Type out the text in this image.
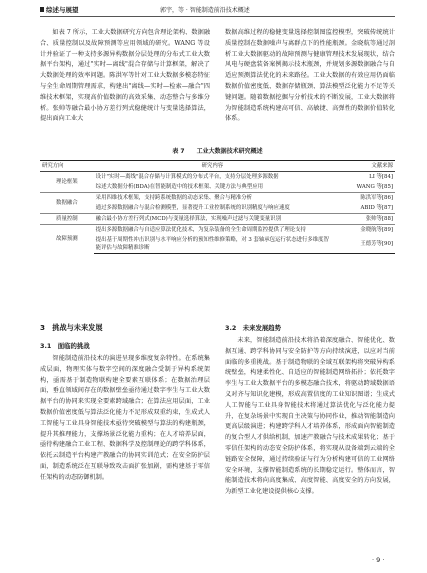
综述与展望	郭宇，等 · 智能制造前沿技术概述

如表 7 所示，工业大数据研究方向包含理论架构、数据融合、质量控制以及故障预测等应用领域的研究。WANG 等设计并验证了一种支持多源异构数据分层处理的分布式工业大数据平台架构，通过"实时—离线"混合存储与计算框架，解决了大数据处理的效率问题。陈洪军等针对工业大数据多模态特征与全生命周期管理需求，构建出"离线—实时—检索—融合"四维技术框架，实现高价值数据的高效采集、动态整合与多维分析。张帅等融合最小协方差行列式稳健统计与变量选择算法，提出面向工业大

数据高维过程的稳健变量选择控制图监控模型，突破传统统计质量控制在数据噪声与离群点下的性能瓶颈。金晓航等通过剖析工业大数据驱动的故障预测与健康管理技术发展现状，结合风电与硬盘装备案例揭示技术瓶颈，并规划多源数据融合与自适应预测算法优化的未来路径。工业大数据的有效应用仍面临数据价值密度低、数据存储瓶颈、算法模型泛化能力不足等关键问题。随着数据挖掘与分析技术的不断发展，工业大数据将为智能制造系统构建高可信、高敏捷、高弹性的数据价值转化体系。

表 7 工业大数据技术研究概述
研究方向	研究内容	文献来源
理论框架	设计"实时—离线"混合存储与计算模式的分布式平台，支持分层处理多源数据	LI 等[84]
	综述大数据分析(BDA)在智能制造中的技术框架、关键方法与典型应用	WANG 等[85]
数据融合	采用四维技术框架，支持跨系统数据的动态采集、聚合与精准分析	陈洪军等[86]
	通过多源数据融合与混合检测模型，显著提升工业控制系统的识别精度与响应速度	ABID 等[87]
质量控制	融合最小协方差行列式(MCD)与变量选择算法，实现噪声过滤与关键变量识别	张帅等[88]
故障预测	提出多源数据融合与自适应算法优化技术，为复杂装备的全生命周期监控提供了理论支持	金晓航等[89]
	提出基于周期性冲击识别与水平响应分析的预知性维修策略，对 3 套轴承包运行状态进行多维度智能评估与故障精准诊断	王德芳等[90]
3　挑战与未来发展
3.1　面临的挑战

智能制造前沿技术的演进呈现多维度复杂特性。在系统集成层面，物理实体与数字空间的深度融合受制于异构系统架构，亟需基于制造物联构建全要素互联体系；在数据治理层面，垂直领域间存在的数据壁垒亟待通过数字孪生与工业大数据平台的协同来实现全要素跨域融合；在算法应用层面，工业数据价值密度低与算法泛化能力不足形成双重约束，生成式人工智能与工业具身智能技术亟待突破模型与算法的构建瓶颈，提升其推理能力，支撑场景泛化能力重构；在人才培养层面，亟待构建融合工业工程、数据科学及控制理论的跨学科体系，依托云制造平台构建产教融合的协同实训范式；在安全防护层面，制造系统泛在互联导致攻击面扩张加剧，需构建基于零信任架构的动态防御机制。

3.2　未来发展趋势

未来，智能制造前沿技术将沿着深度融合、智能优化、数据互通、跨学科协同与安全防护等方向持续演进，以应对当前面临的多重挑战。基于制造物联的全域互联架构将突破异构系统壁垒，构建柔性化、自适应的智能制造网络拓扑；依托数字孪生与工业大数据平台的多模态融合技术，将驱动跨域数据语义对齐与知识化建模，形成高置信度的工业知识图谱；生成式人工智能与工业具身智能技术将通过算法优化与泛化能力提升，在复杂场景中实现自主决策与协同作业，推动智能制造向更高层级演进；构建跨学科人才培养体系，形成面向智能制造的复合型人才供给机制，加速产教融合与技术成果转化；基于零信任架构的动态安全防护体系，将实现从设备端到云端的全链路安全保障，通过持续验证与行为分析构建可信的工业网络安全环境，支撑智能制造系统的长期稳定运行。整体而言，智能制造技术将向高度集成、高度智能、高度安全的方向发展，为新型工业化建设提供核心支撑。

· 9 ·
